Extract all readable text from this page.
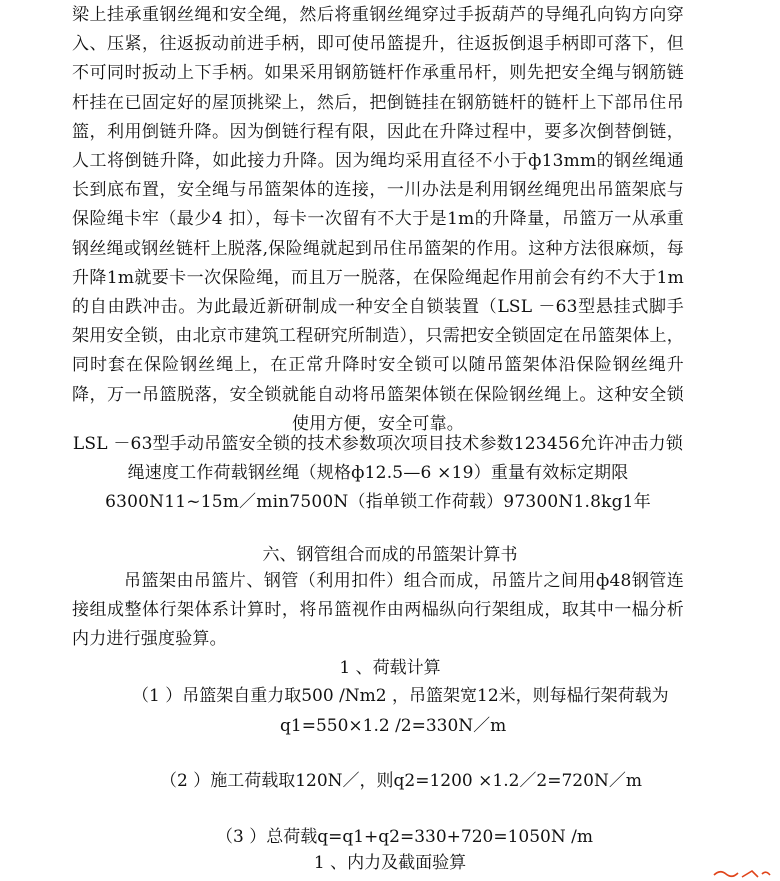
梁上挂承重钢丝绳和安全绳，然后将重钢丝绳穿过手扳葫芦的导绳孔向钩方向穿入、压紧，往返扳动前进手柄，即可使吊篮提升，往返扳倒退手柄即可落下，但不可同时扳动上下手柄。如果采用钢筋链杆作承重吊杆，则先把安全绳与钢筋链杆挂在已固定好的屋顶挑梁上，然后，把倒链挂在钢筋链杆的链杆上下部吊住吊篮，利用倒链升降。因为倒链行程有限，因此在升降过程中，要多次倒替倒链，人工将倒链升降，如此接力升降。因为绳均采用直径不小于ф13mm的钢丝绳通长到底布置，安全绳与吊篮架体的连接，一川办法是利用钢丝绳兜出吊篮架底与保险绳卡牢（最少4 扣），每卡一次留有不大于是1m的升降量，吊篮万一从承重钢丝绳或钢丝链杆上脱落,保险绳就起到吊住吊篮架的作用。这种方法很麻烦，每升降1m就要卡一次保险绳，而且万一脱落，在保险绳起作用前会有约不大于1m的自由跌冲击。为此最近新研制成一种安全自锁装置（LSL －63型悬挂式脚手架用安全锁，由北京市建筑工程研究所制造），只需把安全锁固定在吊篮架体上，同时套在保险钢丝绳上，在正常升降时安全锁可以随吊篮架体沿保险钢丝绳升降，万一吊篮脱落，安全锁就能自动将吊篮架体锁在保险钢丝绳上。这种安全锁使用方便，安全可靠。

LSL －63型手动吊篮安全锁的技术参数项次项目技术参数123456允许冲击力锁绳速度工作荷载钢丝绳（规格ф12.5—6 ×19）重量有效标定期限6300N11~15m／min7500N（指单锁工作荷载）97300N1.8kg1年

六、钢管组合而成的吊篮架计算书

吊篮架由吊篮片、钢管（利用扣件）组合而成，吊篮片之间用ф48钢管连接组成整体行架体系计算时，将吊篮视作由两榀纵向行架组成，取其中一榀分析内力进行强度验算。

1 、荷载计算

（1 ）吊篮架自重力取500 /Nm2 ，吊篮架宽12米，则每榀行架荷载为

q1=550×1.2 /2=330N／m

（2 ）施工荷载取120N／，则q2=1200 ×1.2／2=720N／m

（3 ）总荷载q=q1+q2=330+720=1050N /m

1 、内力及截面验算
